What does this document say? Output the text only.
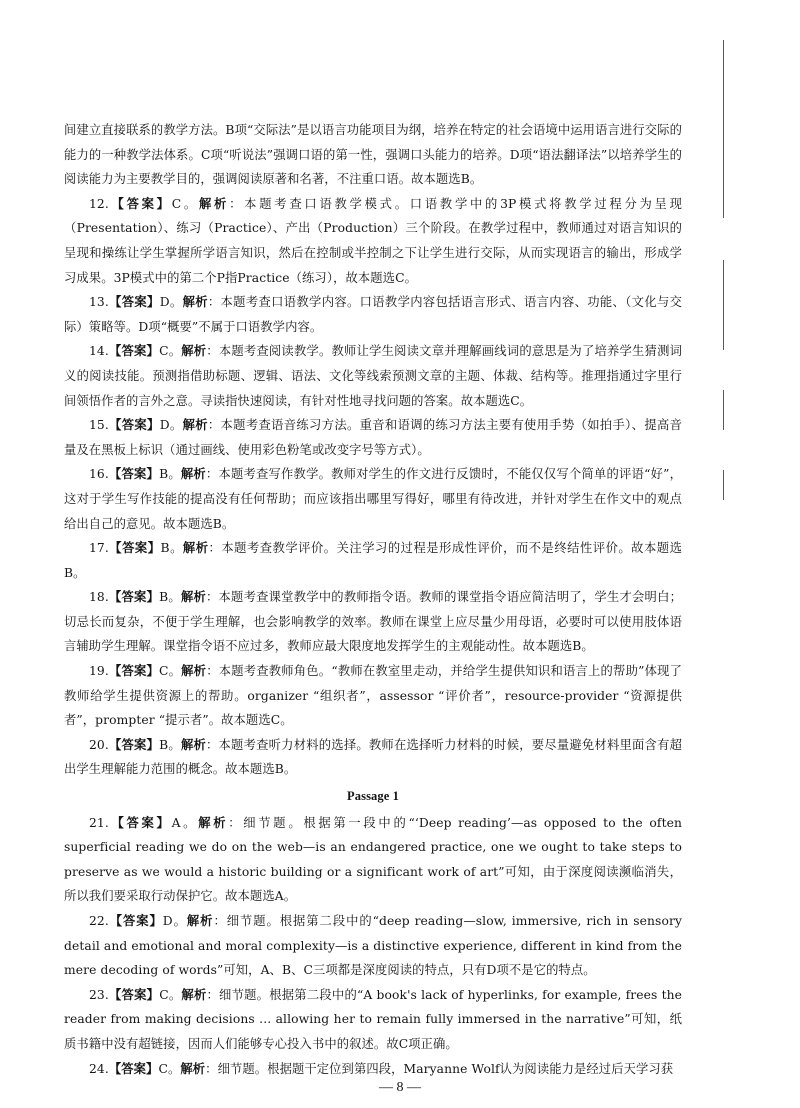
间建立直接联系的教学方法。B项“交际法”是以语言功能项目为纲，培养在特定的社会语境中运用语言进行交际的能力的一种教学法体系。C项“听说法”强调口语的第一性，强调口头能力的培养。D项“语法翻译法”以培养学生的阅读能力为主要教学目的，强调阅读原著和名著，不注重口语。故本题选B。

12.【答案】C。解析：本题考查口语教学模式。口语教学中的3P模式将教学过程分为呈现（Presentation）、练习（Practice）、产出（Production）三个阶段。在教学过程中，教师通过对语言知识的呈现和操练让学生掌握所学语言知识，然后在控制或半控制之下让学生进行交际，从而实现语言的输出，形成学习成果。3P模式中的第二个P指Practice（练习），故本题选C。

13.【答案】D。解析：本题考查口语教学内容。口语教学内容包括语言形式、语言内容、功能、（文化与交际）策略等。D项“概要”不属于口语教学内容。

14.【答案】C。解析：本题考查阅读教学。教师让学生阅读文章并理解画线词的意思是为了培养学生猜测词义的阅读技能。预测指借助标题、逻辑、语法、文化等线索预测文章的主题、体裁、结构等。推理指通过字里行间领悟作者的言外之意。寻读指快速阅读，有针对性地寻找问题的答案。故本题选C。

15.【答案】D。解析：本题考查语音练习方法。重音和语调的练习方法主要有使用手势（如拍手）、提高音量及在黑板上标识（通过画线、使用彩色粉笔或改变字号等方式）。

16.【答案】B。解析：本题考查写作教学。教师对学生的作文进行反馈时，不能仅仅写个简单的评语“好”，这对于学生写作技能的提高没有任何帮助；而应该指出哪里写得好，哪里有待改进，并针对学生在作文中的观点给出自己的意见。故本题选B。

17.【答案】B。解析：本题考查教学评价。关注学习的过程是形成性评价，而不是终结性评价。故本题选B。

18.【答案】B。解析：本题考查课堂教学中的教师指令语。教师的课堂指令语应简洁明了，学生才会明白；切忌长而复杂，不便于学生理解，也会影响教学的效率。教师在课堂上应尽量少用母语，必要时可以使用肢体语言辅助学生理解。课堂指令语不应过多，教师应最大限度地发挥学生的主观能动性。故本题选B。

19.【答案】C。解析：本题考查教师角色。“教师在教室里走动，并给学生提供知识和语言上的帮助”体现了教师给学生提供资源上的帮助。organizer “组织者”，assessor “评价者”，resource-provider “资源提供者”，prompter “提示者”。故本题选C。

20.【答案】B。解析：本题考查听力材料的选择。教师在选择听力材料的时候，要尽量避免材料里面含有超出学生理解能力范围的概念。故本题选B。

Passage 1

21.【答案】A。解析：细节题。根据第一段中的“‘Deep reading’—as opposed to the often superficial reading we do on the web—is an endangered practice, one we ought to take steps to preserve as we would a historic building or a significant work of art”可知，由于深度阅读濒临消失，所以我们要采取行动保护它。故本题选A。

22.【答案】D。解析：细节题。根据第二段中的“deep reading—slow, immersive, rich in sensory detail and emotional and moral complexity—is a distinctive experience, different in kind from the mere decoding of words”可知，A、B、C三项都是深度阅读的特点，只有D项不是它的特点。

23.【答案】C。解析：细节题。根据第二段中的“A book's lack of hyperlinks, for example, frees the reader from making decisions ... allowing her to remain fully immersed in the narrative”可知，纸质书籍中没有超链接，因而人们能够专心投入书中的叙述。故C项正确。

24.【答案】C。解析：细节题。根据题干定位到第四段，Maryanne Wolf认为阅读能力是经过后天学习获

— 8 —
